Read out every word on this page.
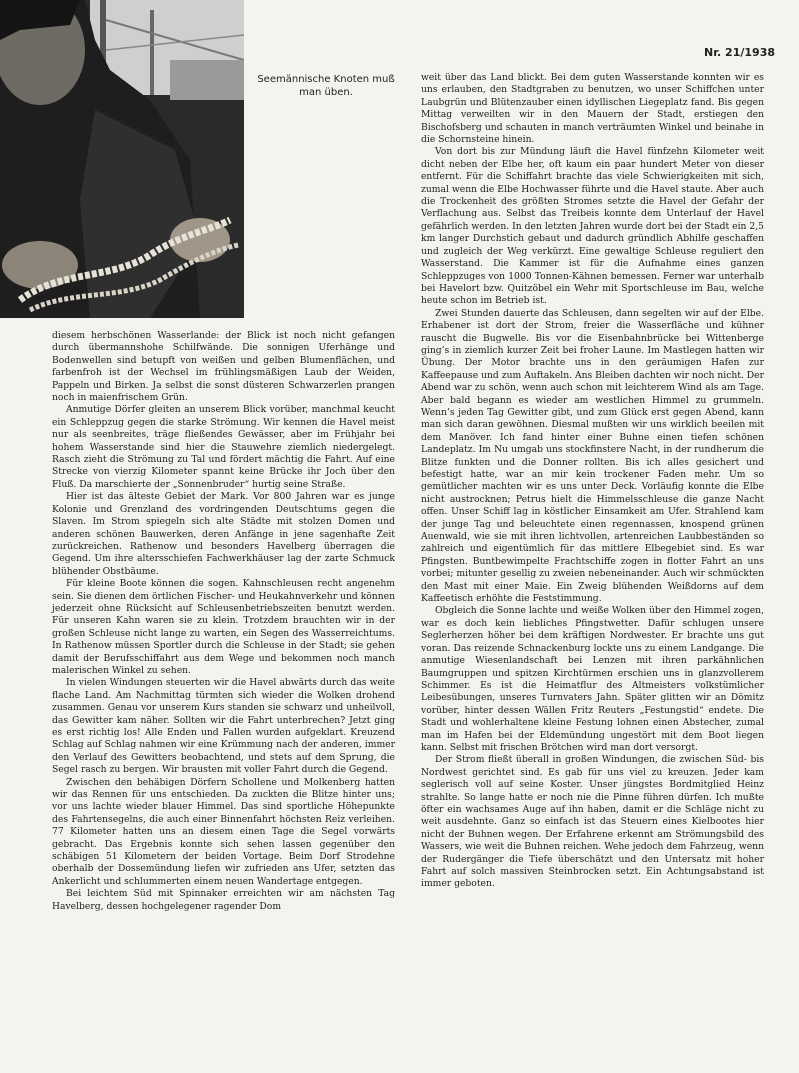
Seemännische Knoten muß man üben.
Nr. 21/1938

diesem herbschönen Wasserlande: der Blick ist noch nicht gefangen durch übermannshohe Schilfwände. Die sonnigen Uferhänge und Bodenwellen sind betupft von weißen und gelben Blumenflächen, und farbenfroh ist der Wechsel im frühlingsmäßigen Laub der Weiden, Pappeln und Birken. Ja selbst die sonst düsteren Schwarzerlen prangen noch in maienfrischem Grün.

Anmutige Dörfer gleiten an unserem Blick vorüber, manchmal keucht ein Schleppzug gegen die starke Strömung. Wir kennen die Havel meist nur als seenbreites, träge fließendes Gewässer, aber im Frühjahr bei hohem Wasserstande sind hier die Stauwehre ziemlich niedergelegt. Rasch zieht die Strömung zu Tal und fördert mächtig die Fahrt. Auf eine Strecke von vierzig Kilometer spannt keine Brücke ihr Joch über den Fluß. Da marschierte der „Sonnenbruder“ hurtig seine Straße.

Hier ist das älteste Gebiet der Mark. Vor 800 Jahren war es junge Kolonie und Grenzland des vordringenden Deutschtums gegen die Slaven. Im Strom spiegeln sich alte Städte mit stolzen Domen und anderen schönen Bauwerken, deren Anfänge in jene sagenhafte Zeit zurückreichen. Rathenow und besonders Havelberg überragen die Gegend. Um ihre altersschiefen Fachwerkhäuser lag der zarte Schmuck blühender Obstbäume.

Für kleine Boote können die sogen. Kahnschleusen recht angenehm sein. Sie dienen dem örtlichen Fischer- und Heukahnverkehr und können jederzeit ohne Rücksicht auf Schleusenbetriebszeiten benutzt werden. Für unseren Kahn waren sie zu klein. Trotzdem brauchten wir in der großen Schleuse nicht lange zu warten, ein Segen des Wasserreichtums. In Rathenow müssen Sportler durch die Schleuse in der Stadt; sie gehen damit der Berufsschiffahrt aus dem Wege und bekommen noch manch malerischen Winkel zu sehen.

In vielen Windungen steuerten wir die Havel abwärts durch das weite flache Land. Am Nachmittag türmten sich wieder die Wolken drohend zusammen. Genau vor unserem Kurs standen sie schwarz und unheilvoll, das Gewitter kam näher. Sollten wir die Fahrt unterbrechen? Jetzt ging es erst richtig los! Alle Enden und Fallen wurden aufgeklart. Kreuzend Schlag auf Schlag nahmen wir eine Krümmung nach der anderen, immer den Verlauf des Gewitters beobachtend, und stets auf dem Sprung, die Segel rasch zu bergen. Wir brausten mit voller Fahrt durch die Gegend.

Zwischen den behäbigen Dörfern Schollene und Molkenberg hatten wir das Rennen für uns entschieden. Da zuckten die Blitze hinter uns; vor uns lachte wieder blauer Himmel. Das sind sportliche Höhepunkte des Fahrtensegelns, die auch einer Binnenfahrt höchsten Reiz verleihen. 77 Kilometer hatten uns an diesem einen Tage die Segel vorwärts gebracht. Das Ergebnis konnte sich sehen lassen gegenüber den schäbigen 51 Kilometern der beiden Vortage. Beim Dorf Strodehne oberhalb der Dossemündung liefen wir zufrieden ans Ufer, setzten das Ankerlicht und schlummerten einem neuen Wandertage entgegen.

Bei leichtem Süd mit Spinnaker erreichten wir am nächsten Tag Havelberg, dessen hochgelegener ragender Dom

weit über das Land blickt. Bei dem guten Wasserstande konnten wir es uns erlauben, den Stadtgraben zu benutzen, wo unser Schiffchen unter Laubgrün und Blütenzauber einen idyllischen Liegeplatz fand. Bis gegen Mittag verweilten wir in den Mauern der Stadt, erstiegen den Bischofsberg und schauten in manch verträumten Winkel und beinahe in die Schornsteine hinein.

Von dort bis zur Mündung läuft die Havel fünfzehn Kilometer weit dicht neben der Elbe her, oft kaum ein paar hundert Meter von dieser entfernt. Für die Schiffahrt brachte das viele Schwierigkeiten mit sich, zumal wenn die Elbe Hochwasser führte und die Havel staute. Aber auch die Trockenheit des größten Stromes setzte die Havel der Gefahr der Verflachung aus. Selbst das Treibeis konnte dem Unterlauf der Havel gefährlich werden. In den letzten Jahren wurde dort bei der Stadt ein 2,5 km langer Durchstich gebaut und dadurch gründlich Abhilfe geschaffen und zugleich der Weg verkürzt. Eine gewaltige Schleuse reguliert den Wasserstand. Die Kammer ist für die Aufnahme eines ganzen Schleppzuges von 1000 Tonnen-Kähnen bemessen. Ferner war unterhalb bei Havelort bzw. Quitzöbel ein Wehr mit Sportschleuse im Bau, welche heute schon im Betrieb ist.

Zwei Stunden dauerte das Schleusen, dann segelten wir auf der Elbe. Erhabener ist dort der Strom, freier die Wasserfläche und kühner rauscht die Bugwelle. Bis vor die Eisenbahnbrücke bei Wittenberge ging’s in ziemlich kurzer Zeit bei froher Laune. Im Mastlegen hatten wir Übung. Der Motor brachte uns in den geräumigen Hafen zur Kaffeepause und zum Auftakeln. Ans Bleiben dachten wir noch nicht. Der Abend war zu schön, wenn auch schon mit leichterem Wind als am Tage. Aber bald begann es wieder am westlichen Himmel zu grummeln. Wenn’s jeden Tag Gewitter gibt, und zum Glück erst gegen Abend, kann man sich daran gewöhnen. Diesmal mußten wir uns wirklich beeilen mit dem Manöver. Ich fand hinter einer Buhne einen tiefen schönen Landeplatz. Im Nu umgab uns stockfinstere Nacht, in der rundherum die Blitze funkten und die Donner rollten. Bis ich alles gesichert und befestigt hatte, war an mir kein trockener Faden mehr. Um so gemütlicher machten wir es uns unter Deck. Vorläufig konnte die Elbe nicht austrocknen; Petrus hielt die Himmelsschleuse die ganze Nacht offen. Unser Schiff lag in köstlicher Einsamkeit am Ufer. Strahlend kam der junge Tag und beleuchtete einen regennassen, knospend grünen Auenwald, wie sie mit ihren lichtvollen, artenreichen Laubbeständen so zahlreich und eigentümlich für das mittlere Elbegebiet sind. Es war Pfingsten. Buntbewimpelte Frachtschiffe zogen in flotter Fahrt an uns vorbei; mitunter gesellig zu zweien nebeneinander. Auch wir schmückten den Mast mit einer Maie. Ein Zweig blühenden Weißdorns auf dem Kaffeetisch erhöhte die Feststimmung.

Obgleich die Sonne lachte und weiße Wolken über den Himmel zogen, war es doch kein liebliches Pfingstwetter. Dafür schlugen unsere Seglerherzen höher bei dem kräftigen Nordwester. Er brachte uns gut voran. Das reizende Schnackenburg lockte uns zu einem Landgange. Die anmutige Wiesenlandschaft bei Lenzen mit ihren parkähnlichen Baumgruppen und spitzen Kirchtürmen erschien uns in glanzvollerem Schimmer. Es ist die Heimatflur des Altmeisters volkstümlicher Leibesübungen, unseres Turnvaters Jahn. Später glitten wir an Dömitz vorüber, hinter dessen Wällen Fritz Reuters „Festungstid“ endete. Die Stadt und wohlerhaltene kleine Festung lohnen einen Abstecher, zumal man im Hafen bei der Eldemündung ungestört mit dem Boot liegen kann. Selbst mit frischen Brötchen wird man dort versorgt.

Der Strom fließt überall in großen Windungen, die zwischen Süd- bis Nordwest gerichtet sind. Es gab für uns viel zu kreuzen. Jeder kam seglerisch voll auf seine Koster. Unser jüngstes Bordmitglied Heinz strahlte. So lange hatte er noch nie die Pinne führen dürfen. Ich mußte öfter ein wachsames Auge auf ihn haben, damit er die Schläge nicht zu weit ausdehnte. Ganz so einfach ist das Steuern eines Kielbootes hier nicht der Buhnen wegen. Der Erfahrene erkennt am Strömungsbild des Wassers, wie weit die Buhnen reichen. Wehe jedoch dem Fahrzeug, wenn der Rudergänger die Tiefe überschätzt und den Untersatz mit hoher Fahrt auf solch massiven Steinbrocken setzt. Ein Achtungsabstand ist immer geboten.
